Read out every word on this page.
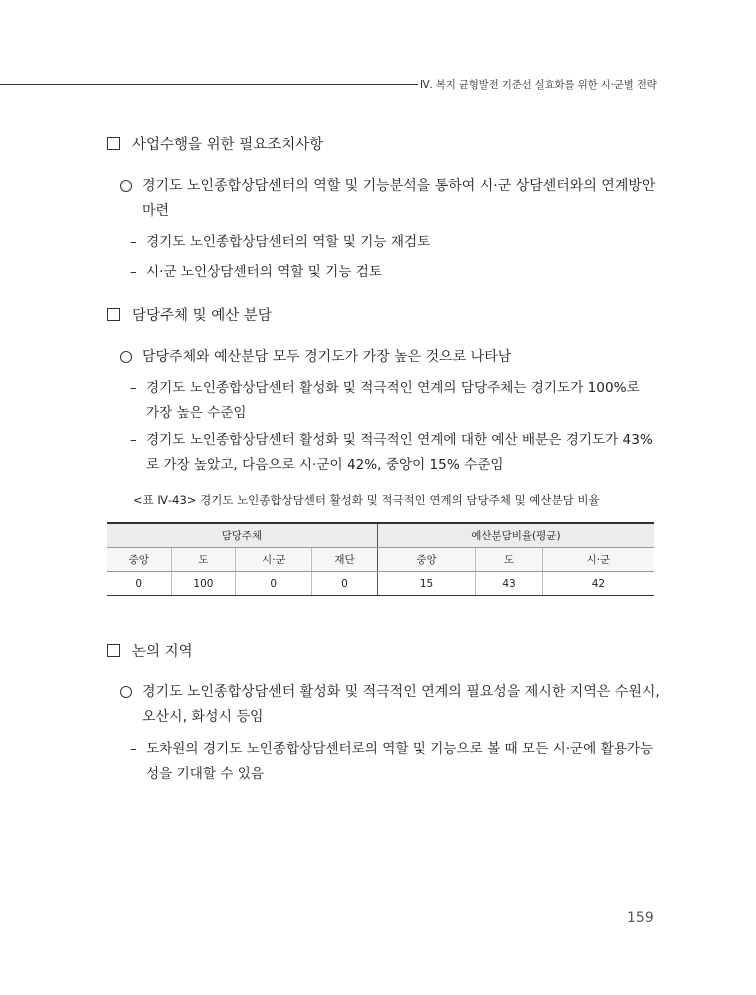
Ⅳ. 복지 균형발전 기준선 실효화를 위한 시·군별 전략
사업수행을 위한 필요조치사항
경기도 노인종합상담센터의 역할 및 기능분석을 통하여 시·군 상담센터와의 연계방안 마련
– 경기도 노인종합상담센터의 역할 및 기능 재검토
– 시·군 노인상담센터의 역할 및 기능 검토
담당주체 및 예산 분담
담당주체와 예산분담 모두 경기도가 가장 높은 것으로 나타남
– 경기도 노인종합상담센터 활성화 및 적극적인 연계의 담당주체는 경기도가 100%로 가장 높은 수준임
– 경기도 노인종합상담센터 활성화 및 적극적인 연계에 대한 예산 배분은 경기도가 43%로 가장 높았고, 다음으로 시·군이 42%, 중앙이 15% 수준임
<표 Ⅳ-43> 경기도 노인종합상담센터 활성화 및 적극적인 연계의 담당주체 및 예산분담 비율
담당주체				예산분담비율(평균)		
중앙	도	시·군	재단	중앙	도	시·군
0	100	0	0	15	43	42
논의 지역
경기도 노인종합상담센터 활성화 및 적극적인 연계의 필요성을 제시한 지역은 수원시, 오산시, 화성시 등임
– 도차원의 경기도 노인종합상담센터로의 역할 및 기능으로 볼 때 모든 시·군에 활용가능성을 기대할 수 있음
159
